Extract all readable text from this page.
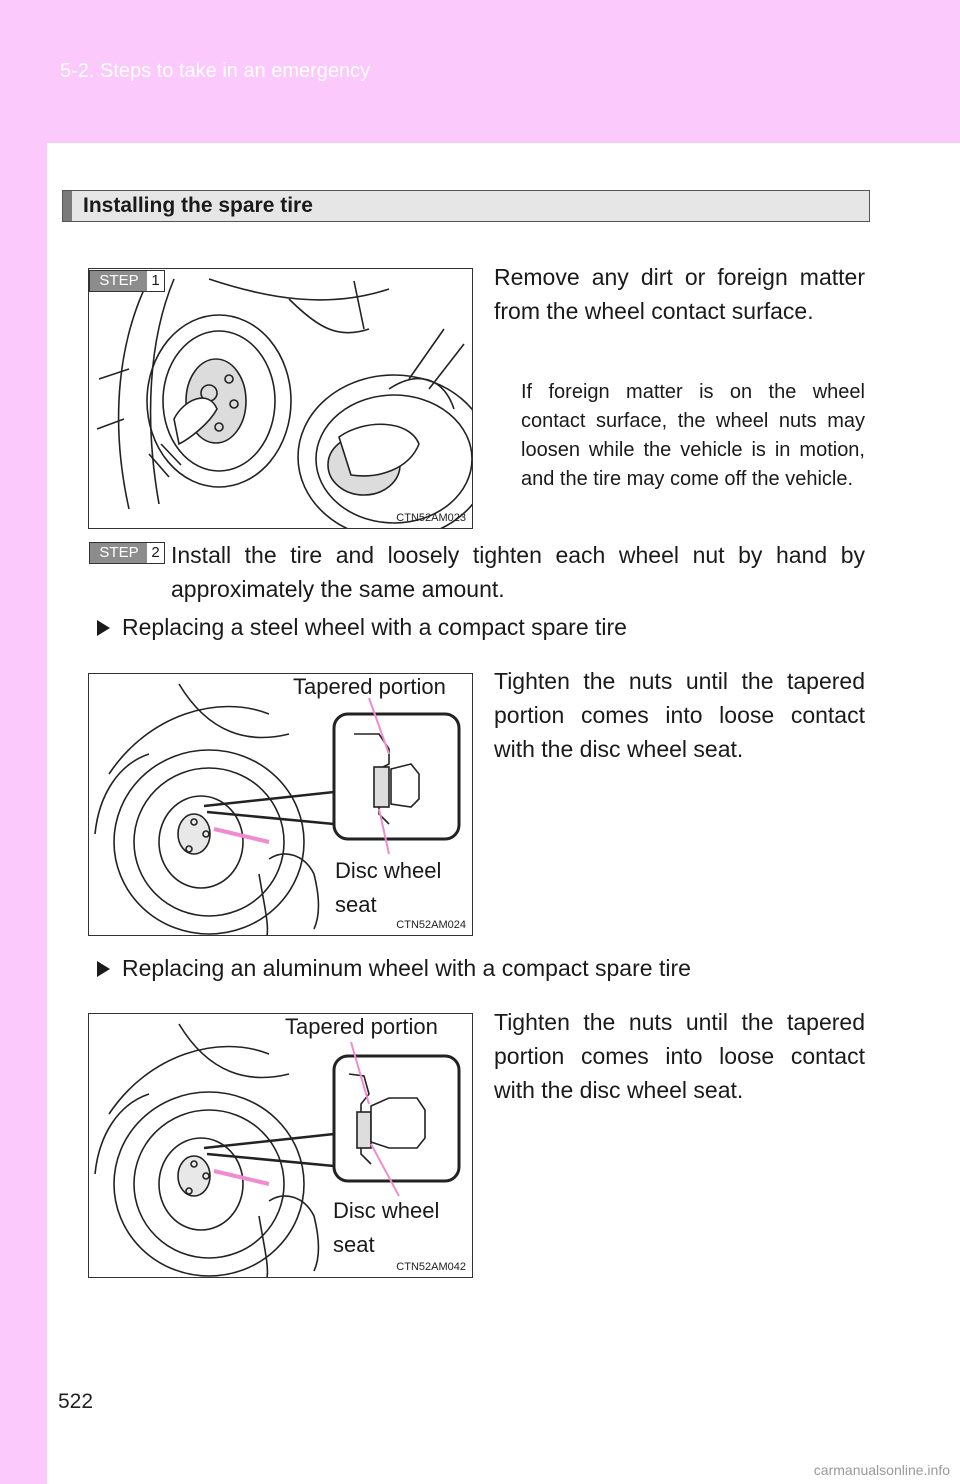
5-2. Steps to take in an emergency
Installing the spare tire
CTN52AM023
STEP 1	Remove any dirt or foreign matter from the wheel contact surface.
If foreign matter is on the wheel contact surface, the wheel nuts may loosen while the vehicle is in motion, and the tire may come off the vehicle.
STEP 2 Install the tire and loosely tighten each wheel nut by hand by approximately the same amount.
Replacing a steel wheel with a compact spare tire
Tapered portion
Disc wheel
seat
CTN52AM024
Tighten the nuts until the tapered portion comes into loose contact with the disc wheel seat.
Replacing an aluminum wheel with a compact spare tire
Tapered portion
Disc wheel
seat
CTN52AM042
Tighten the nuts until the tapered portion comes into loose contact with the disc wheel seat.
522
carmanualsonline.info
